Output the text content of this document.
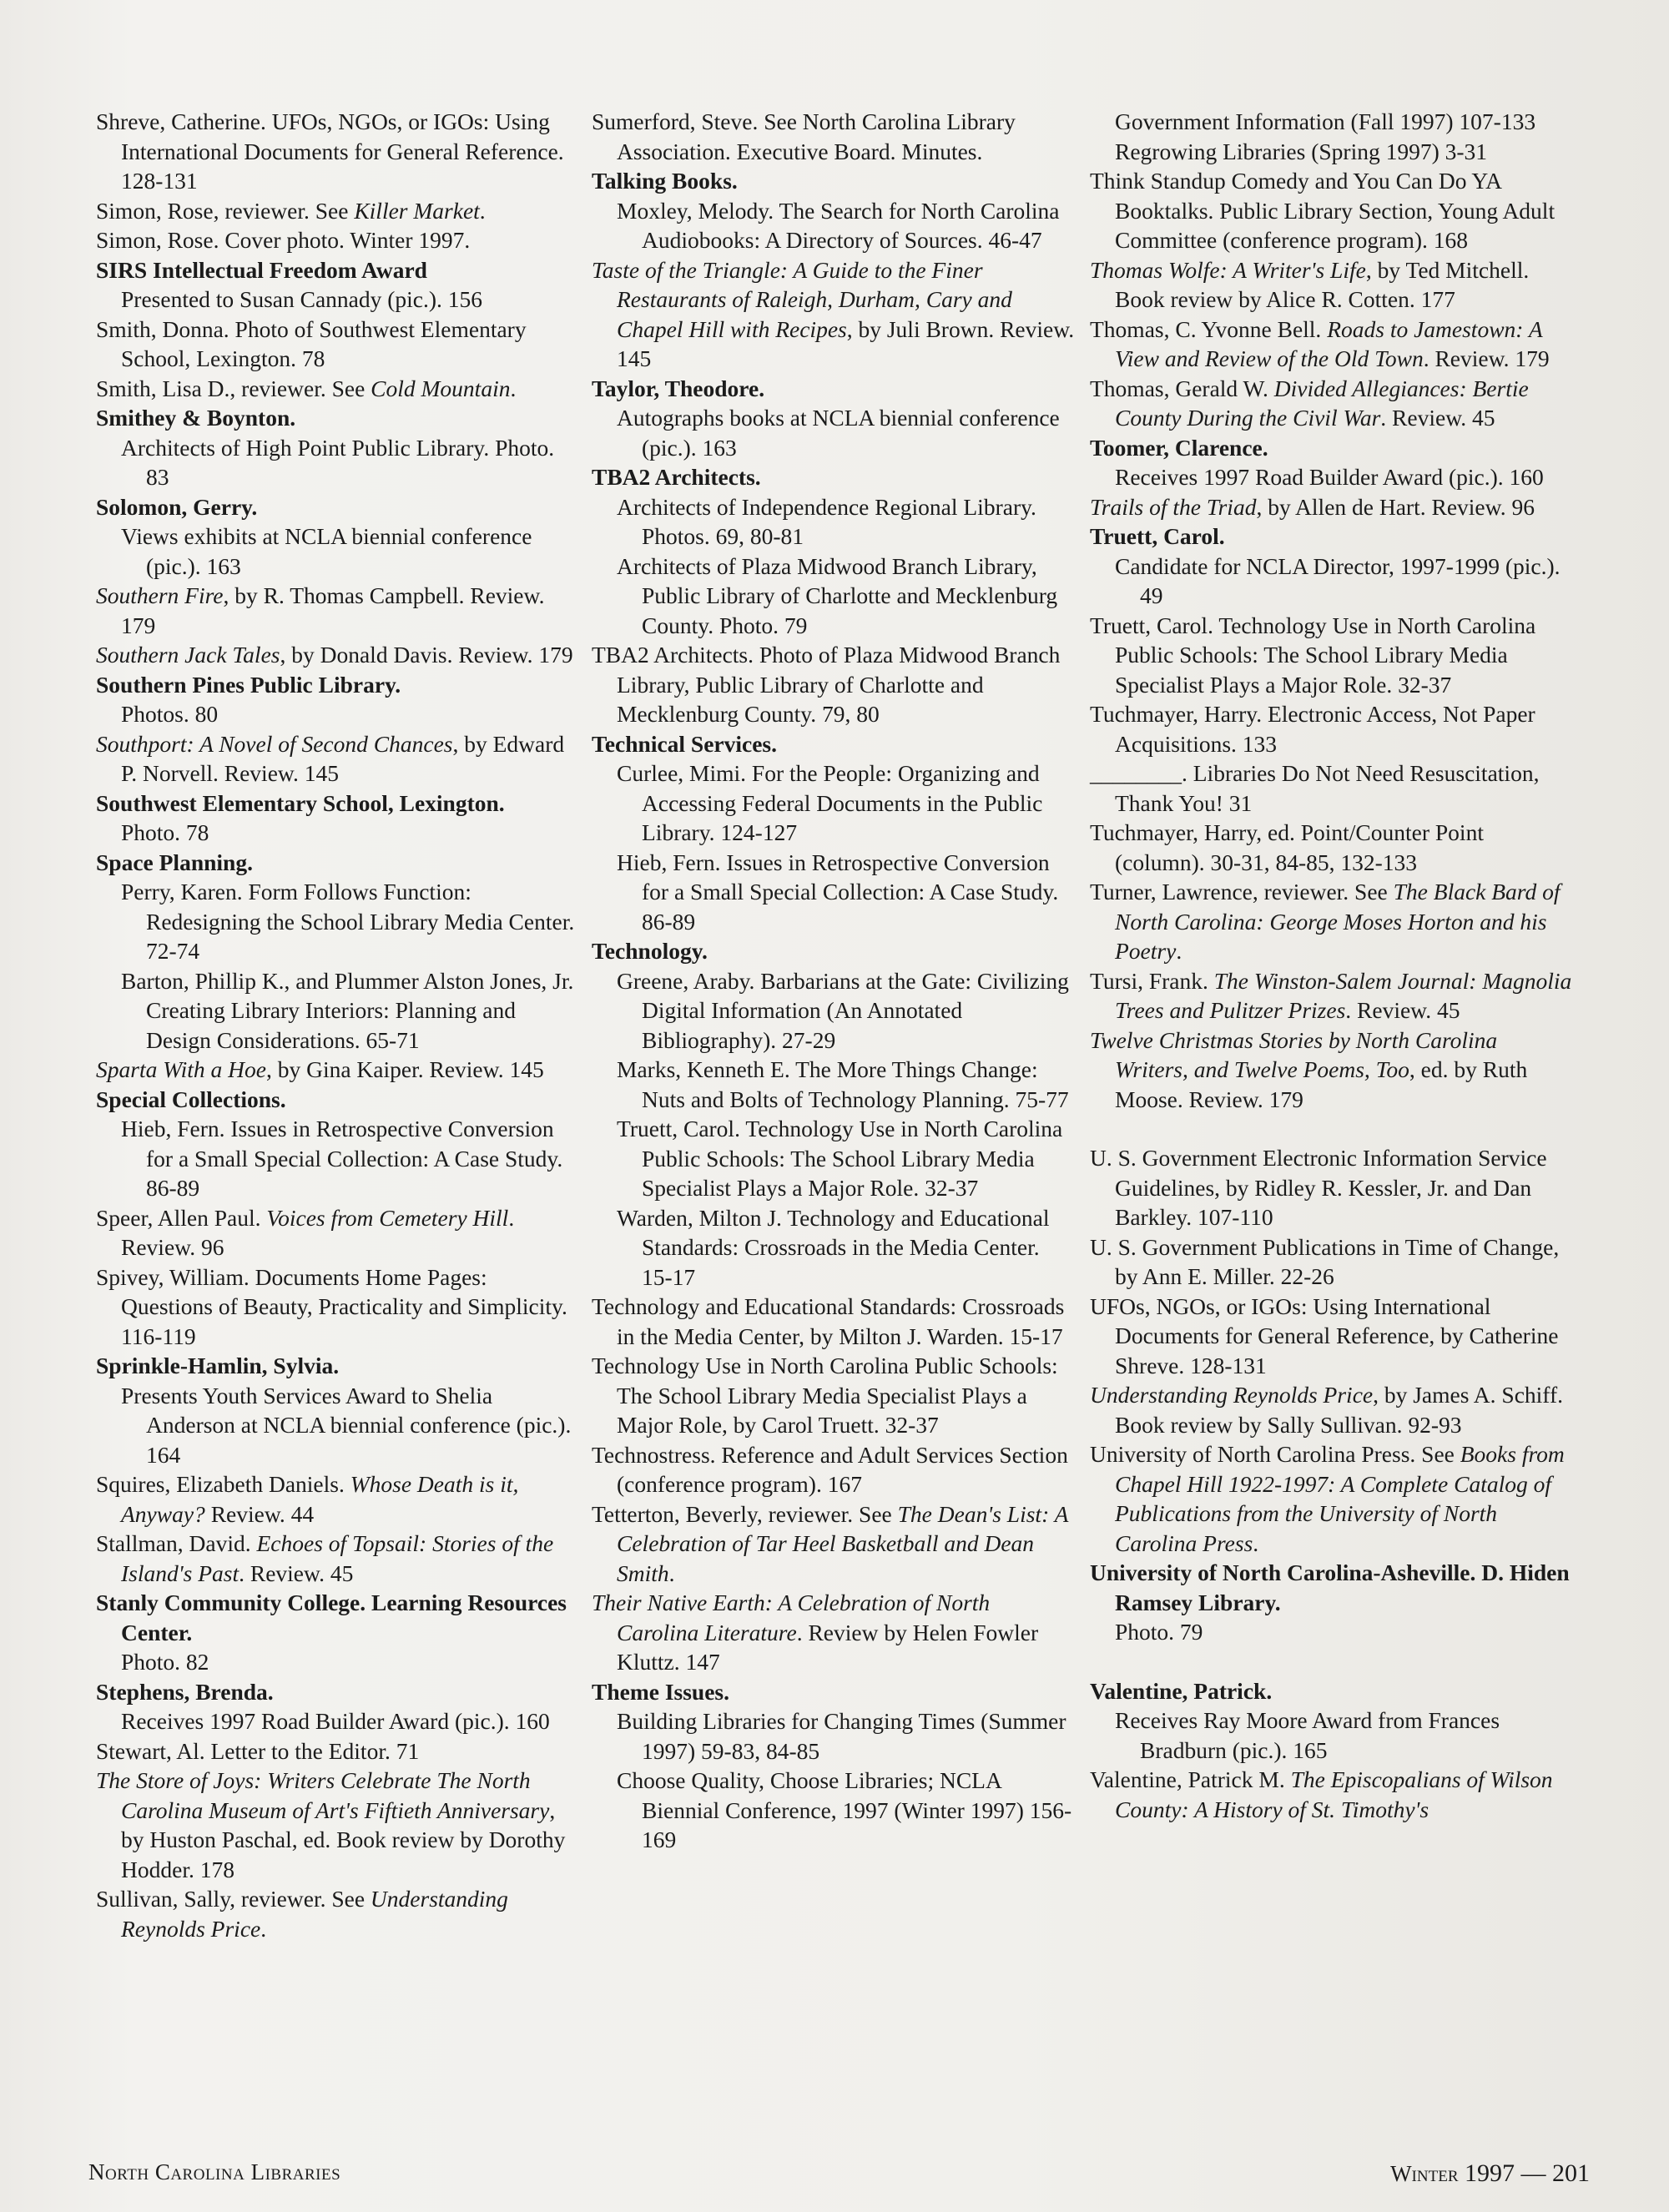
Shreve, Catherine. UFOs, NGOs, or IGOs: Using International Documents for General Reference. 128-131
Simon, Rose, reviewer. See Killer Market.
Simon, Rose. Cover photo. Winter 1997.
SIRS Intellectual Freedom Award
Presented to Susan Cannady (pic.). 156
Smith, Donna. Photo of Southwest Elementary School, Lexington. 78
Smith, Lisa D., reviewer. See Cold Mountain.
Smithey & Boynton.
Architects of High Point Public Library. Photo. 83
Solomon, Gerry.
Views exhibits at NCLA biennial conference (pic.). 163
Southern Fire, by R. Thomas Campbell. Review. 179
Southern Jack Tales, by Donald Davis. Review. 179
Southern Pines Public Library.
Photos. 80
Southport: A Novel of Second Chances, by Edward P. Norvell. Review. 145
Southwest Elementary School, Lexington.
Photo. 78
Space Planning.
Perry, Karen. Form Follows Function: Redesigning the School Library Media Center. 72-74
Barton, Phillip K., and Plummer Alston Jones, Jr. Creating Library Interiors: Planning and Design Considerations. 65-71
Sparta With a Hoe, by Gina Kaiper. Review. 145
Special Collections.
Hieb, Fern. Issues in Retrospective Conversion for a Small Special Collection: A Case Study. 86-89
Speer, Allen Paul. Voices from Cemetery Hill. Review. 96
Spivey, William. Documents Home Pages: Questions of Beauty, Practicality and Simplicity. 116-119
Sprinkle-Hamlin, Sylvia.
Presents Youth Services Award to Shelia Anderson at NCLA biennial conference (pic.). 164
Squires, Elizabeth Daniels. Whose Death is it, Anyway? Review. 44
Stallman, David. Echoes of Topsail: Stories of the Island's Past. Review. 45
Stanly Community College. Learning Resources Center.
Photo. 82
Stephens, Brenda.
Receives 1997 Road Builder Award (pic.). 160
Stewart, Al. Letter to the Editor. 71
The Store of Joys: Writers Celebrate The North Carolina Museum of Art's Fiftieth Anniversary, by Huston Paschal, ed. Book review by Dorothy Hodder. 178
Sullivan, Sally, reviewer. See Understanding Reynolds Price.
Sumerford, Steve. See North Carolina Library Association. Executive Board. Minutes.
Talking Books.
Moxley, Melody. The Search for North Carolina Audiobooks: A Directory of Sources. 46-47
Taste of the Triangle: A Guide to the Finer Restaurants of Raleigh, Durham, Cary and Chapel Hill with Recipes, by Juli Brown. Review. 145
Taylor, Theodore.
Autographs books at NCLA biennial conference (pic.). 163
TBA2 Architects.
Architects of Independence Regional Library. Photos. 69, 80-81
Architects of Plaza Midwood Branch Library, Public Library of Charlotte and Mecklenburg County. Photo. 79
TBA2 Architects. Photo of Plaza Midwood Branch Library, Public Library of Charlotte and Mecklenburg County. 79, 80
Technical Services.
Curlee, Mimi. For the People: Organizing and Accessing Federal Documents in the Public Library. 124-127
Hieb, Fern. Issues in Retrospective Conversion for a Small Special Collection: A Case Study. 86-89
Technology.
Greene, Araby. Barbarians at the Gate: Civilizing Digital Information (An Annotated Bibliography). 27-29
Marks, Kenneth E. The More Things Change: Nuts and Bolts of Technology Planning. 75-77
Truett, Carol. Technology Use in North Carolina Public Schools: The School Library Media Specialist Plays a Major Role. 32-37
Warden, Milton J. Technology and Educational Standards: Crossroads in the Media Center. 15-17
Technology and Educational Standards: Crossroads in the Media Center, by Milton J. Warden. 15-17
Technology Use in North Carolina Public Schools: The School Library Media Specialist Plays a Major Role, by Carol Truett. 32-37
Technostress. Reference and Adult Services Section (conference program). 167
Tetterton, Beverly, reviewer. See The Dean's List: A Celebration of Tar Heel Basketball and Dean Smith.
Their Native Earth: A Celebration of North Carolina Literature. Review by Helen Fowler Kluttz. 147
Theme Issues.
Building Libraries for Changing Times (Summer 1997) 59-83, 84-85
Choose Quality, Choose Libraries; NCLA Biennial Conference, 1997 (Winter 1997) 156-169
Government Information (Fall 1997) 107-133
Regrowing Libraries (Spring 1997) 3-31
Think Standup Comedy and You Can Do YA Booktalks. Public Library Section, Young Adult Committee (conference program). 168
Thomas Wolfe: A Writer's Life, by Ted Mitchell. Book review by Alice R. Cotten. 177
Thomas, C. Yvonne Bell. Roads to Jamestown: A View and Review of the Old Town. Review. 179
Thomas, Gerald W. Divided Allegiances: Bertie County During the Civil War. Review. 45
Toomer, Clarence.
Receives 1997 Road Builder Award (pic.). 160
Trails of the Triad, by Allen de Hart. Review. 96
Truett, Carol.
Candidate for NCLA Director, 1997-1999 (pic.). 49
Truett, Carol. Technology Use in North Carolina Public Schools: The School Library Media Specialist Plays a Major Role. 32-37
Tuchmayer, Harry. Electronic Access, Not Paper Acquisitions. 133
________. Libraries Do Not Need Resuscitation, Thank You! 31
Tuchmayer, Harry, ed. Point/Counter Point (column). 30-31, 84-85, 132-133
Turner, Lawrence, reviewer. See The Black Bard of North Carolina: George Moses Horton and his Poetry.
Tursi, Frank. The Winston-Salem Journal: Magnolia Trees and Pulitzer Prizes. Review. 45
Twelve Christmas Stories by North Carolina Writers, and Twelve Poems, Too, ed. by Ruth Moose. Review. 179
U. S. Government Electronic Information Service Guidelines, by Ridley R. Kessler, Jr. and Dan Barkley. 107-110
U. S. Government Publications in Time of Change, by Ann E. Miller. 22-26
UFOs, NGOs, or IGOs: Using International Documents for General Reference, by Catherine Shreve. 128-131
Understanding Reynolds Price, by James A. Schiff. Book review by Sally Sullivan. 92-93
University of North Carolina Press. See Books from Chapel Hill 1922-1997: A Complete Catalog of Publications from the University of North Carolina Press.
University of North Carolina-Asheville. D. Hiden Ramsey Library.
Photo. 79
Valentine, Patrick.
Receives Ray Moore Award from Frances Bradburn (pic.). 165
Valentine, Patrick M. The Episcopalians of Wilson County: A History of St. Timothy's
North Carolina Libraries	Winter 1997 — 201
